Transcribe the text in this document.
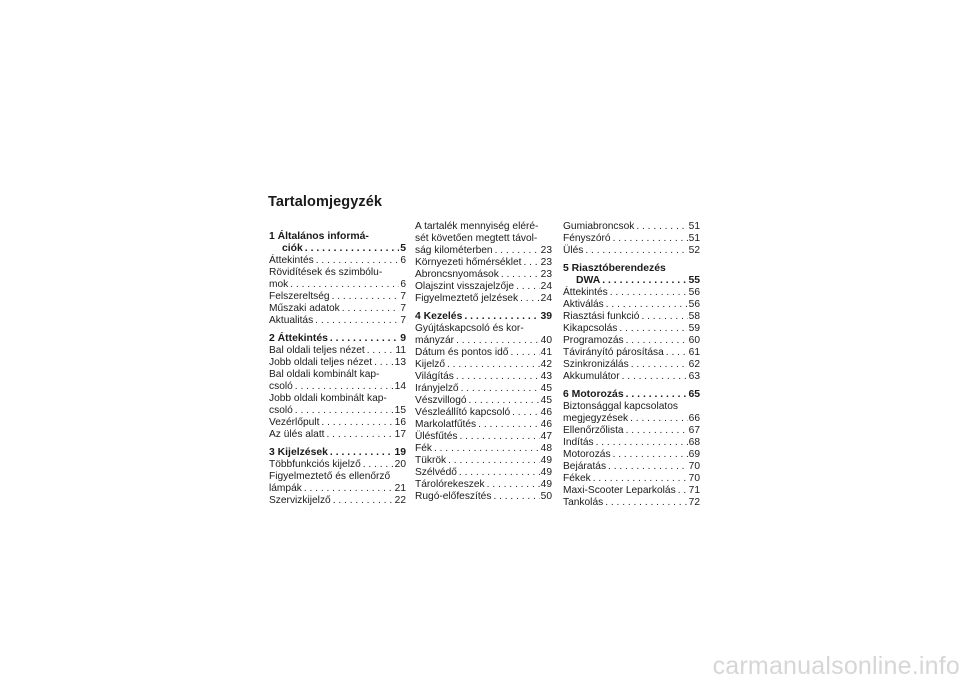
Tartalomjegyzék
1 Általános informá-
ciók . . .	5
Áttekintés . . .	6
Rövidítések és szimbólu-
mok . . .	6
Felszereltség . . .	7
Műszaki adatok . . .	7
Aktualitás . . .	7
2 Áttekintés . . .	9
Bal oldali teljes nézet . . .	11
Jobb oldali teljes nézet . . . 13
Bal oldali kombinált kap-
csoló . . .	14
Jobb oldali kombinált kap-
csoló . . .	15
Vezérlőpult . . .	16
Az ülés alatt . . .	17
3 Kijelzések . . .	19
Többfunkciós kijelző . . .	20
Figyelmeztető és ellenőrző
lámpák . . .	21
Szervizkijelző . . .	22
A tartalék mennyiség eléré-
sét követően megtett távol-
ság kilométerben . . .	23
Környezeti hőmérséklet . . . 23
Abroncsnyomások . . .	23
Olajszint visszajelzője . . .	24
Figyelmeztető jelzések . . . 24
4 Kezelés . . .	39
Gyújtáskapcsoló és kor-
mányzár . . .	40
Dátum és pontos idő . . .	41
Kijelző . . .	42
Világítás . . .	43
Irányjelző . . .	45
Vészvillogó . . .	45
Vészleállító kapcsoló . . .	46
Markolatfűtés . . .	46
Ülésfűtés . . .	47
Fék . . .	48
Tükrök . . .	49
Szélvédő . . .	49
Tárolórekeszek . . .	49
Rugó-előfeszítés . . .	50
Gumiabroncsok . . .	51
Fényszóró . . .	51
Ülés . . .	52
5 Riasztóberendezés
DWA . . .	55
Áttekintés . . .	56
Aktiválás . . .	56
Riasztási funkció . . .	58
Kikapcsolás . . .	59
Programozás . . .	60
Távirányító párosítása . . . 61
Szinkronizálás . . .	62
Akkumulátor . . .	63
6 Motorozás . . .	65
Biztonsággal kapcsolatos
megjegyzések . . .	66
Ellenőrzőlista . . .	67
Indítás . . .	68
Motorozás . . .	69
Bejáratás . . .	70
Fékek . . .	70
Maxi-Scooter Leparkolás . . . 71
Tankolás . . .	72
carmanualsonline.info
